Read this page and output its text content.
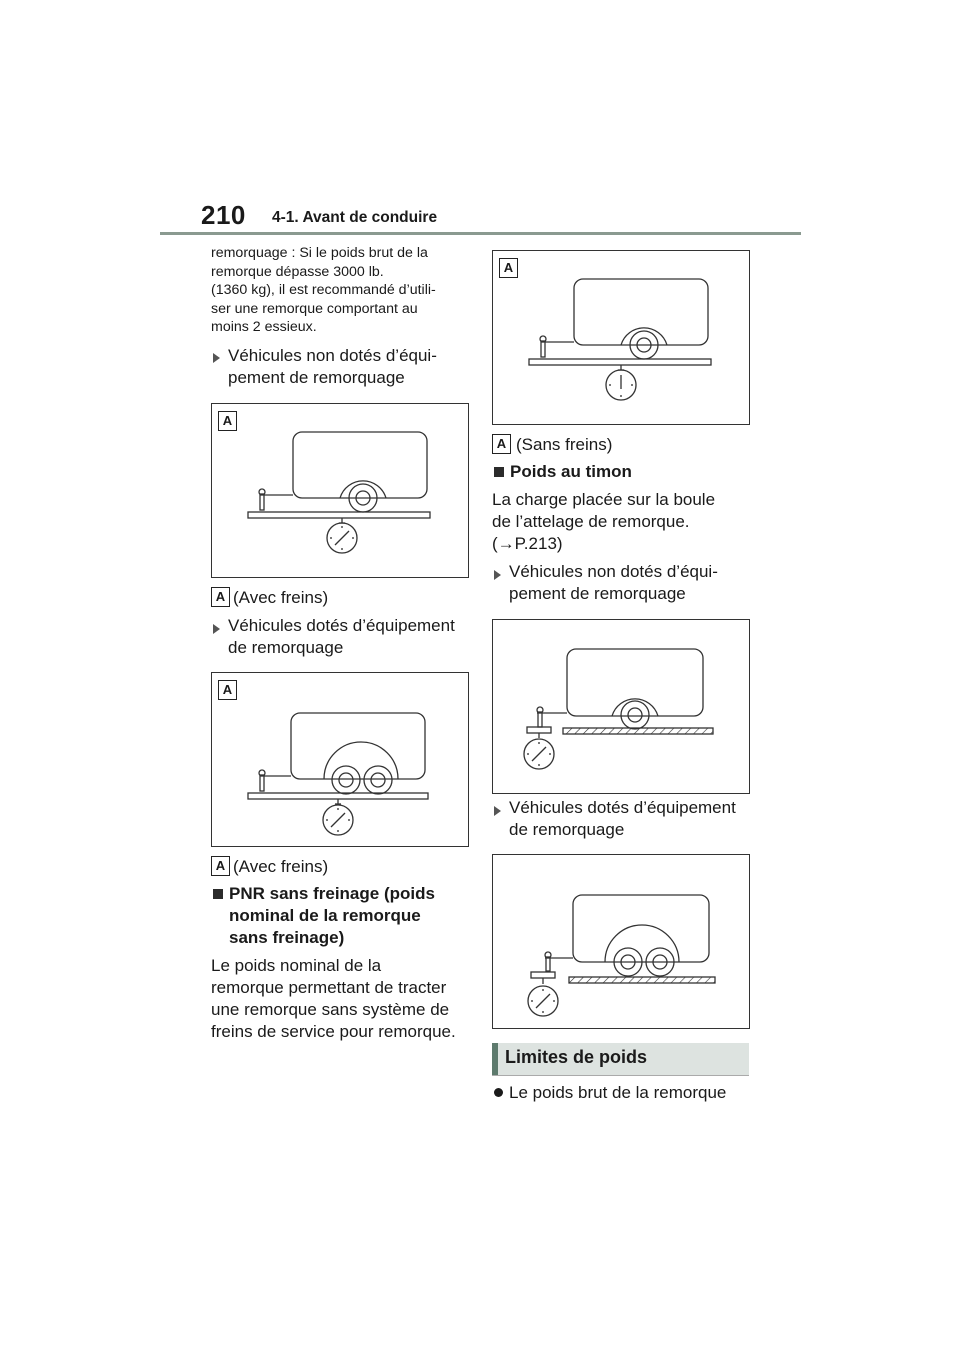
210 4-1. Avant de conduire
remorquage : Si le poids brut de la
remorque dépasse 3000 lb.
(1360 kg), il est recommandé d’utili-
ser une remorque comportant au
moins 2 essieux.
Véhicules non dotés d’équi-
pement de remorquage
A
A (Avec freins)
Véhicules dotés d’équipement
de remorquage
A
A (Avec freins)
PNR sans freinage (poids
nominal de la remorque
sans freinage)
Le poids nominal de la
remorque permettant de tracter
une remorque sans système de
freins de service pour remorque.
A
A (Sans freins)
Poids au timon
La charge placée sur la boule
de l’attelage de remorque.
(→P.213)
Véhicules non dotés d’équi-
pement de remorquage
Véhicules dotés d’équipement
de remorquage
Limites de poids
Le poids brut de la remorque
